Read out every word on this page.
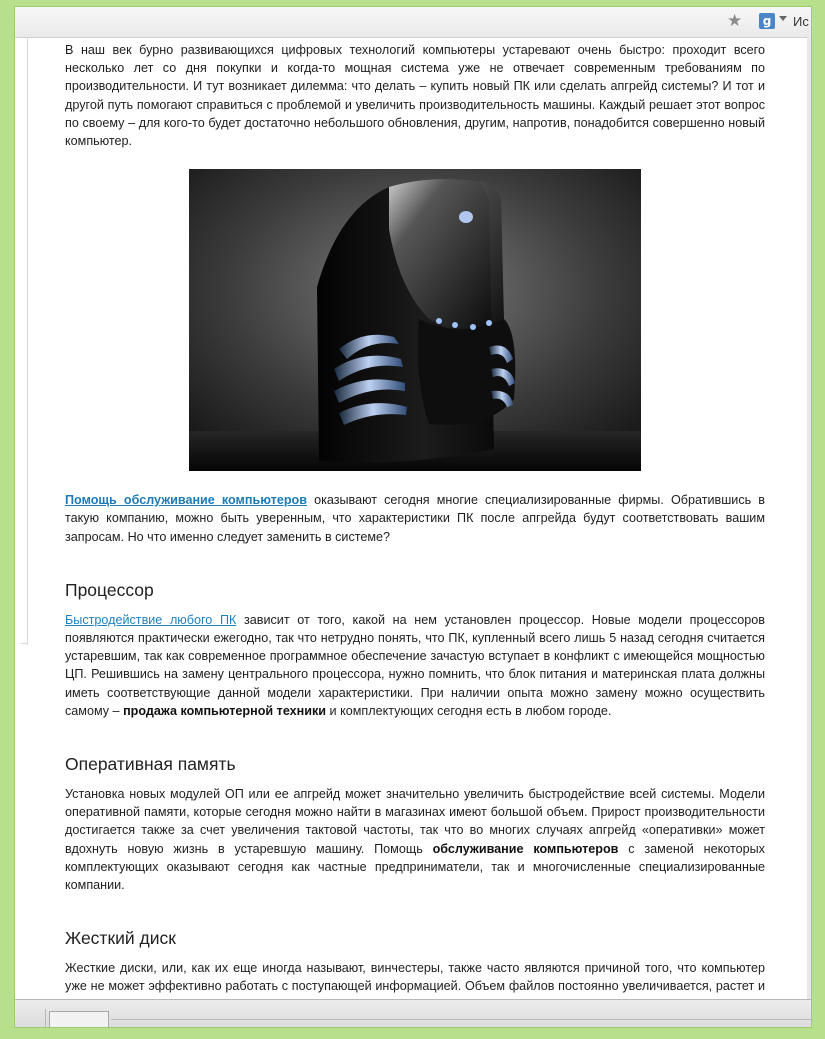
★	g Ис

В наш век бурно развивающихся цифровых технологий компьютеры устаревают очень быстро: проходит всего несколько лет со дня покупки и когда-то мощная система уже не отвечает современным требованиям по производительности. И тут возникает дилемма: что делать – купить новый ПК или сделать апгрейд системы? И тот и другой путь помогают справиться с проблемой и увеличить производительность машины. Каждый решает этот вопрос по своему – для кого-то будет достаточно небольшого обновления, другим, напротив, понадобится совершенно новый компьютер.

Помощь обслуживание компьютеров оказывают сегодня многие специализированные фирмы. Обратившись в такую компанию, можно быть уверенным, что характеристики ПК после апгрейда будут соответствовать вашим запросам. Но что именно следует заменить в системе?

Процессор

Быстродействие любого ПК зависит от того, какой на нем установлен процессор. Новые модели процессоров появляются практически ежегодно, так что нетрудно понять, что ПК, купленный всего лишь 5 назад сегодня считается устаревшим, так как современное программное обеспечение зачастую вступает в конфликт с имеющейся мощностью ЦП. Решившись на замену центрального процессора, нужно помнить, что блок питания и материнская плата должны иметь соответствующие данной модели характеристики. При наличии опыта можно замену можно осуществить самому – продажа компьютерной техники и комплектующих сегодня есть в любом городе.

Оперативная память

Установка новых модулей ОП или ее апгрейд может значительно увеличить быстродействие всей системы. Модели оперативной памяти, которые сегодня можно найти в магазинах имеют большой объем. Прирост производительности достигается также за счет увеличения тактовой частоты, так что во многих случаях апгрейд «оперативки» может вдохнуть новую жизнь в устаревшую машину. Помощь обслуживание компьютеров с заменой некоторых комплектующих оказывают сегодня как частные предприниматели, так и многочисленные специализированные компании.

Жесткий диск

Жесткие диски, или, как их еще иногда называют, винчестеры, также часто являются причиной того, что компьютер уже не может эффективно работать с поступающей информацией. Объем файлов постоянно увеличивается, растет и
